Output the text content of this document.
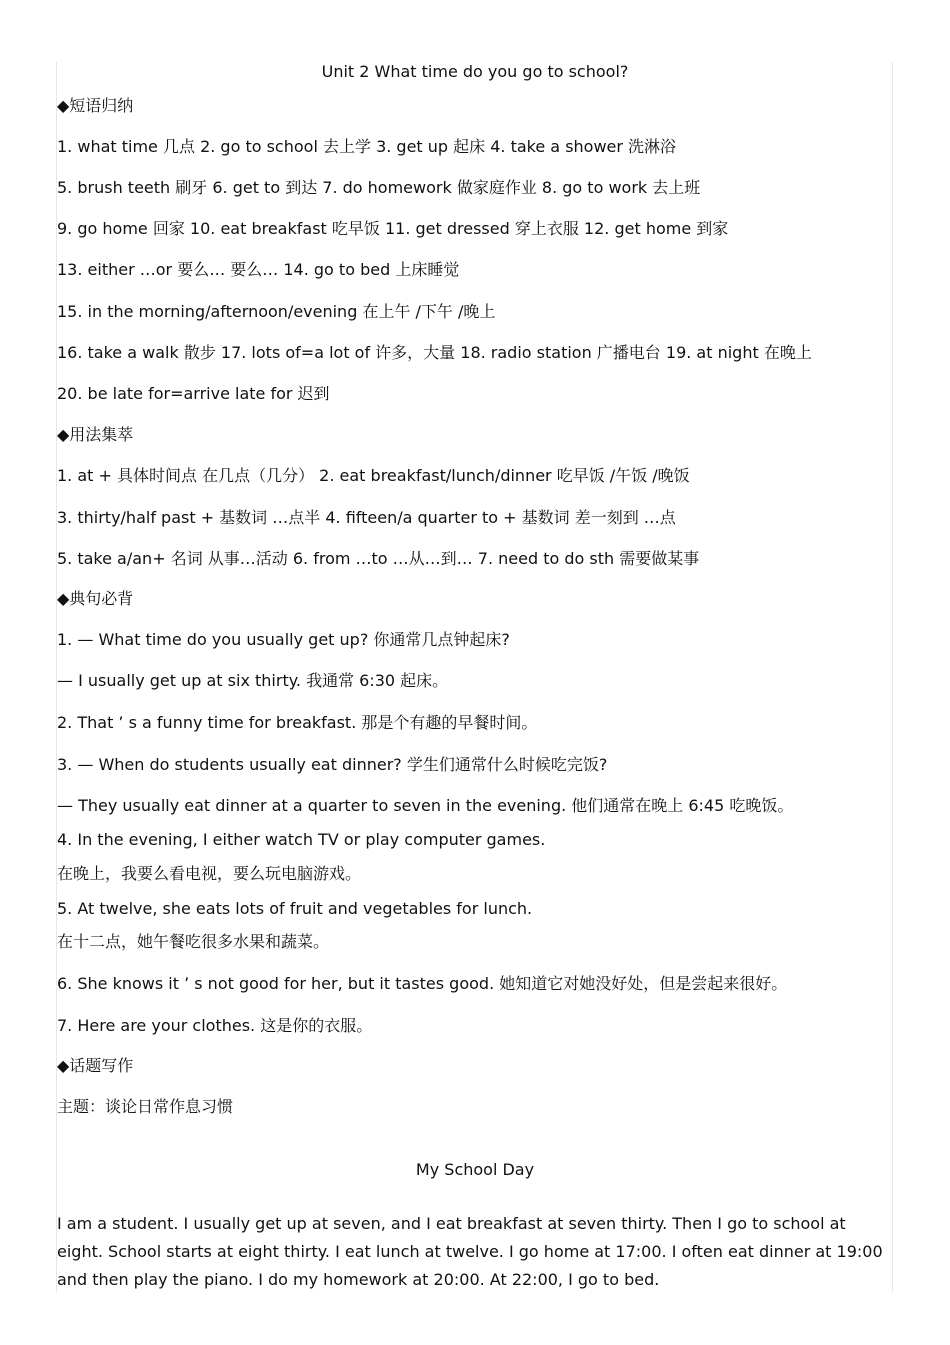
Unit 2 What time do you go to school?
◆短语归纳
1. what time 几点 2. go to school 去上学 3. get up 起床 4. take a shower 洗淋浴
5. brush teeth 刷牙 6. get to 到达 7. do homework 做家庭作业 8. go to work 去上班
9. go home 回家 10. eat breakfast 吃早饭 11. get dressed 穿上衣服 12. get home 到家
13. either …or 要么… 要么… 14. go to bed 上床睡觉
15. in the morning/afternoon/evening 在上午 /下午 /晚上
16. take a walk 散步 17. lots of=a lot of 许多，大量 18. radio station 广播电台 19. at night 在晚上
20. be late for=arrive late for 迟到
◆用法集萃
1. at + 具体时间点 在几点（几分） 2. eat breakfast/lunch/dinner 吃早饭 /午饭 /晚饭
3. thirty/half past + 基数词 …点半 4. fifteen/a quarter to + 基数词 差一刻到 …点
5. take a/an+ 名词 从事…活动 6. from …to …从…到… 7. need to do sth 需要做某事
◆典句必背
1. — What time do you usually get up? 你通常几点钟起床?
— I usually get up at six thirty. 我通常 6:30 起床。
2. That ’ s a funny time for breakfast. 那是个有趣的早餐时间。
3. — When do students usually eat dinner? 学生们通常什么时候吃完饭?
— They usually eat dinner at a quarter to seven in the evening. 他们通常在晚上 6:45 吃晚饭。
4. In the evening, I either watch TV or play computer games.
在晚上，我要么看电视，要么玩电脑游戏。
5. At twelve, she eats lots of fruit and vegetables for lunch.
在十二点，她午餐吃很多水果和蔬菜。
6. She knows it ’ s not good for her, but it tastes good. 她知道它对她没好处，但是尝起来很好。
7. Here are your clothes. 这是你的衣服。
◆话题写作
主题：谈论日常作息习惯
My School Day
I am a student. I usually get up at seven, and I eat breakfast at seven thirty. Then I go to school at eight. School starts at eight thirty. I eat lunch at twelve. I go home at 17:00. I often eat dinner at 19:00 and then play the piano. I do my homework at 20:00. At 22:00, I go to bed.
